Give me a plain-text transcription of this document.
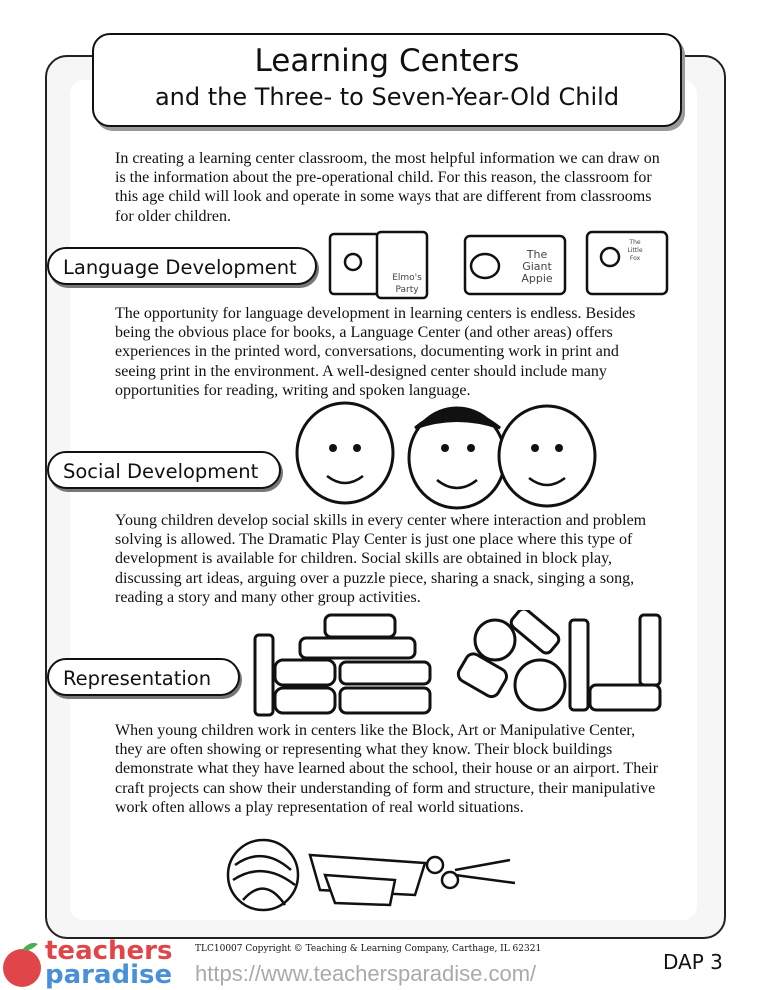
Learning Centers
and the Three- to Seven-Year-Old Child
In creating a learning center classroom, the most helpful information we can draw on is the information about the pre-operational child. For this reason, the classroom for this age child will look and operate in some ways that are different from classrooms for older children.
Language Development	Elmo's
Party
The
Giant
Appie
The
Little
Fox
The opportunity for language development in learning centers is endless. Besides being the obvious place for books, a Language Center (and other areas) offers experiences in the printed word, conversations, documenting work in print and seeing print in the environment. A well-designed center should include many opportunities for reading, writing and spoken language.
Social Development
Young children develop social skills in every center where interaction and problem solving is allowed. The Dramatic Play Center is just one place where this type of development is available for children. Social skills are obtained in block play, discussing art ideas, arguing over a puzzle piece, sharing a snack, singing a song, reading a story and many other group activities.
Representation
When young children work in centers like the Block, Art or Manipulative Center, they are often showing or representing what they know. Their block buildings demonstrate what they have learned about the school, their house or an airport. Their craft projects can show their understanding of form and structure, their manipulative work often allows a play representation of real world situations.
teachers
paradise
TLC10007 Copyright © Teaching & Learning Company, Carthage, IL 62321
https://www.teachersparadise.com/	DAP 3
